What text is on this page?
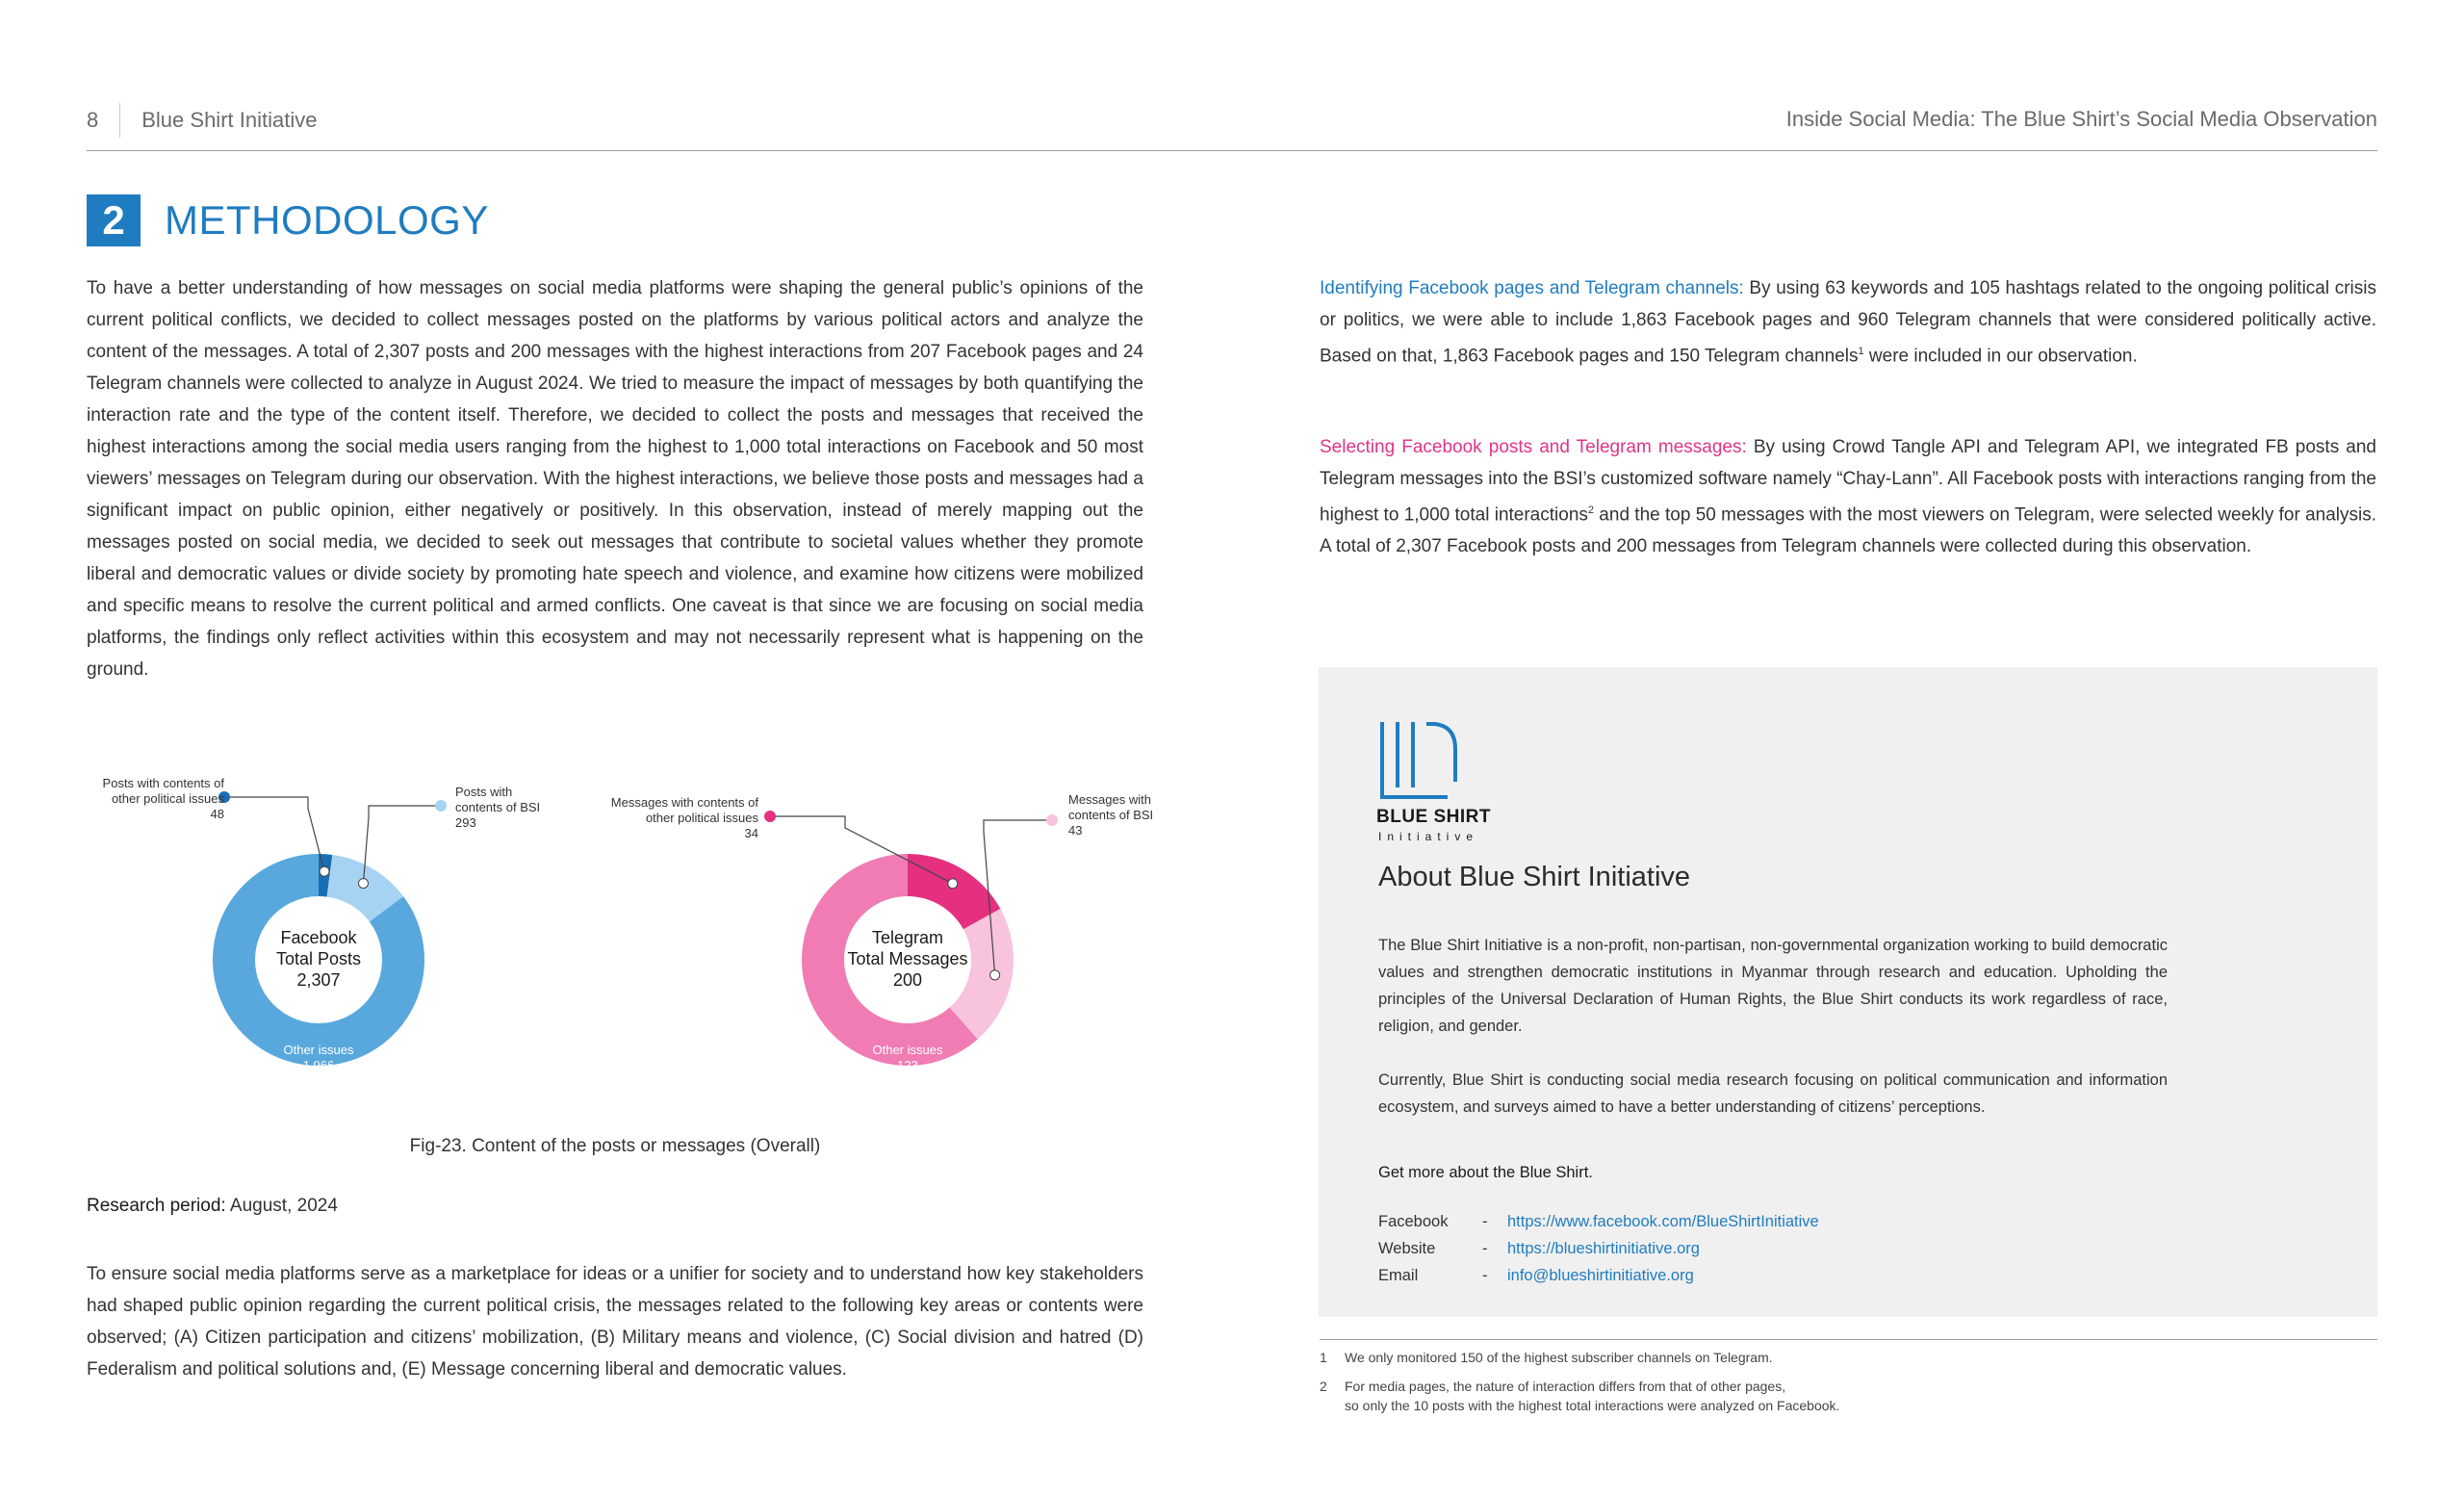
8	Blue Shirt Initiative	Inside Social Media: The Blue Shirt’s Social Media Observation
2 METHODOLOGY
To have a better understanding of how messages on social media platforms were shaping the general public’s opinions of the current political conflicts, we decided to collect messages posted on the platforms by various political actors and analyze the content of the messages. A total of 2,307 posts and 200 messages with the highest interactions from 207 Facebook pages and 24 Telegram channels were collected to analyze in August 2024. We tried to measure the impact of messages by both quantifying the interaction rate and the type of the content itself. Therefore, we decided to collect the posts and messages that received the highest interactions among the social media users ranging from the highest to 1,000 total interactions on Facebook and 50 most viewers’ messages on Telegram during our observation. With the highest interactions, we believe those posts and messages had a significant impact on public opinion, either negatively or positively. In this observation, instead of merely mapping out the messages posted on social media, we decided to seek out messages that contribute to societal values whether they promote liberal and democratic values or divide society by promoting hate speech and violence, and examine how citizens were mobilized and specific means to resolve the current political and armed conflicts. One caveat is that since we are focusing on social media platforms, the findings only reflect activities within this ecosystem and may not necessarily represent what is happening on the ground.
Posts with contents of
other political issues
48
Posts with
contents of BSI
293
Other issues
1,966
Facebook
Total Posts
2,307
Messages with contents of
other political issues
34
Messages with
contents of BSI
43
Other issues
123
Telegram
Total Messages
200
Fig-23. Content of the posts or messages (Overall)
Research period: August, 2024
To ensure social media platforms serve as a marketplace for ideas or a unifier for society and to understand how key stakeholders had shaped public opinion regarding the current political crisis, the messages related to the following key areas or contents were observed; (A) Citizen participation and citizens’ mobilization, (B) Military means and violence, (C) Social division and hatred (D) Federalism and political solutions and, (E) Message concerning liberal and democratic values.
Identifying Facebook pages and Telegram channels: By using 63 keywords and 105 hashtags related to the ongoing political crisis or politics, we were able to include 1,863 Facebook pages and 960 Telegram channels that were considered politically active. Based on that, 1,863 Facebook pages and 150 Telegram channels$^1$ were included in our observation.
Selecting Facebook posts and Telegram messages: By using Crowd Tangle API and Telegram API, we integrated FB posts and Telegram messages into the BSI’s customized software namely “Chay-Lann”. All Facebook posts with interactions ranging from the highest to 1,000 total interactions$^2$ and the top 50 messages with the most viewers on Telegram, were selected weekly for analysis. A total of 2,307 Facebook posts and 200 messages from Telegram channels were collected during this observation.
BLUE SHIRT
Initiative
About Blue Shirt Initiative
The Blue Shirt Initiative is a non-profit, non-partisan, non-governmental organization working to build democratic values and strengthen democratic institutions in Myanmar through research and education. Upholding the principles of the Universal Declaration of Human Rights, the Blue Shirt conducts its work regardless of race, religion, and gender.
Currently, Blue Shirt is conducting social media research focusing on political communication and information ecosystem, and surveys aimed to have a better understanding of citizens’ perceptions.
Get more about the Blue Shirt.
Facebook	-	https://www.facebook.com/BlueShirtInitiative
Website	-	https://blueshirtinitiative.org
Email	-	info@blueshirtinitiative.org
1	We only monitored 150 of the highest subscriber channels on Telegram.
2	For media pages, the nature of interaction differs from that of other pages,
so only the 10 posts with the highest total interactions were analyzed on Facebook.
